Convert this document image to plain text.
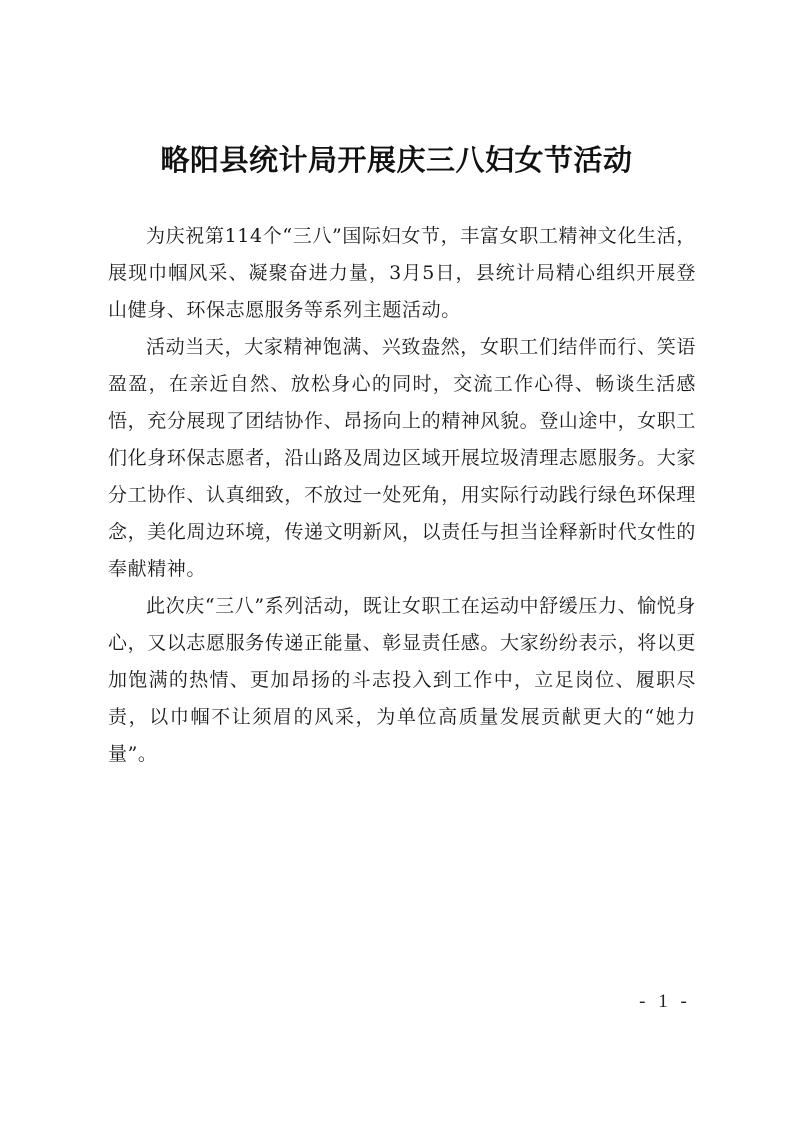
略阳县统计局开展庆三八妇女节活动

为庆祝第114个“三八”国际妇女节，丰富女职工精神文化生活，展现巾帼风采、凝聚奋进力量，3月5日，县统计局精心组织开展登山健身、环保志愿服务等系列主题活动。

活动当天，大家精神饱满、兴致盎然，女职工们结伴而行、笑语盈盈，在亲近自然、放松身心的同时，交流工作心得、畅谈生活感悟，充分展现了团结协作、昂扬向上的精神风貌。登山途中，女职工们化身环保志愿者，沿山路及周边区域开展垃圾清理志愿服务。大家分工协作、认真细致，不放过一处死角，用实际行动践行绿色环保理念，美化周边环境，传递文明新风，以责任与担当诠释新时代女性的奉献精神。

此次庆“三八”系列活动，既让女职工在运动中舒缓压力、愉悦身心，又以志愿服务传递正能量、彰显责任感。大家纷纷表示，将以更加饱满的热情、更加昂扬的斗志投入到工作中，立足岗位、履职尽责，以巾帼不让须眉的风采，为单位高质量发展贡献更大的“她力量”。

- 1 -
